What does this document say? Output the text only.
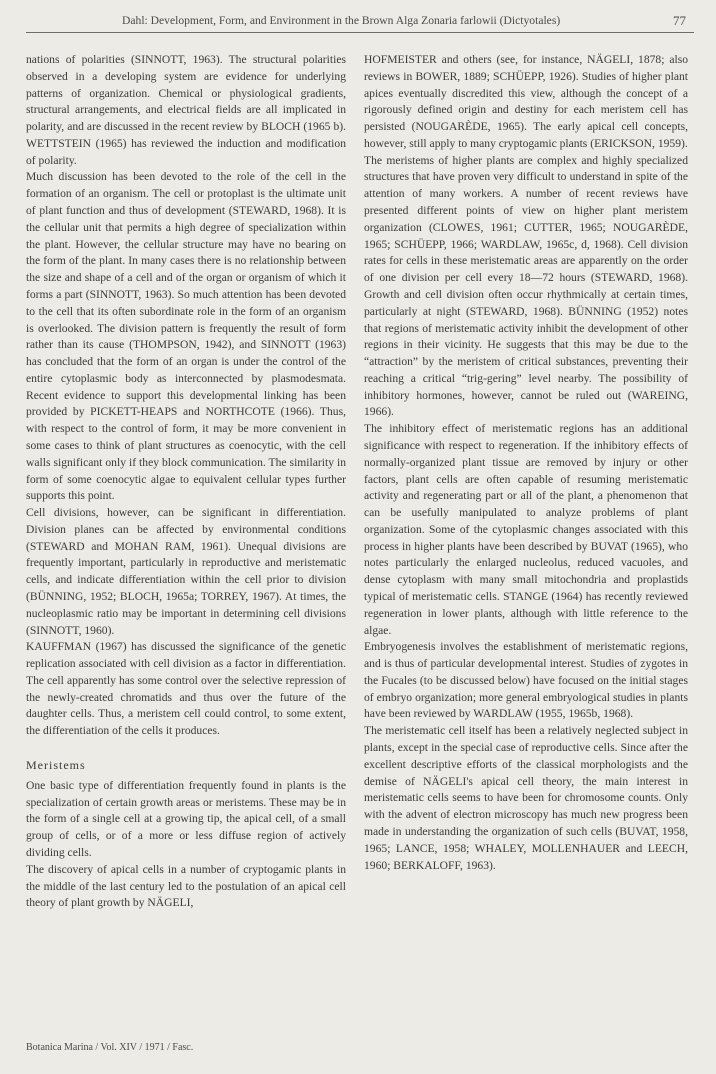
Dahl: Development, Form, and Environment in the Brown Alga Zonaria farlowii (Dictyotales)	77

nations of polarities (SINNOTT, 1963). The structural polarities observed in a developing system are evidence for underlying patterns of organization. Chemical or physiological gradients, structural arrangements, and electrical fields are all implicated in polarity, and are discussed in the recent review by BLOCH (1965 b). WETTSTEIN (1965) has reviewed the induction and modification of polarity.

Much discussion has been devoted to the role of the cell in the formation of an organism. The cell or protoplast is the ultimate unit of plant function and thus of development (STEWARD, 1968). It is the cellular unit that permits a high degree of specialization within the plant. However, the cellular structure may have no bearing on the form of the plant. In many cases there is no relationship between the size and shape of a cell and of the organ or organism of which it forms a part (SINNOTT, 1963). So much attention has been devoted to the cell that its often subordinate role in the form of an organism is overlooked. The division pattern is frequently the result of form rather than its cause (THOMPSON, 1942), and SINNOTT (1963) has concluded that the form of an organ is under the control of the entire cytoplasmic body as interconnected by plasmodesmata. Recent evidence to support this developmental linking has been provided by PICKETT-HEAPS and NORTHCOTE (1966). Thus, with respect to the control of form, it may be more convenient in some cases to think of plant structures as coenocytic, with the cell walls significant only if they block communication. The similarity in form of some coenocytic algae to equivalent cellular types further supports this point.

Cell divisions, however, can be significant in differentiation. Division planes can be affected by environmental conditions (STEWARD and MOHAN RAM, 1961). Unequal divisions are frequently important, particularly in reproductive and meristematic cells, and indicate differentiation within the cell prior to division (BÜNNING, 1952; BLOCH, 1965a; TORREY, 1967). At times, the nucleoplasmic ratio may be important in determining cell divisions (SINNOTT, 1960).

KAUFFMAN (1967) has discussed the significance of the genetic replication associated with cell division as a factor in differentiation. The cell apparently has some control over the selective repression of the newly-created chromatids and thus over the future of the daughter cells. Thus, a meristem cell could control, to some extent, the differentiation of the cells it produces.

Meristems

One basic type of differentiation frequently found in plants is the specialization of certain growth areas or meristems. These may be in the form of a single cell at a growing tip, the apical cell, of a small group of cells, or of a more or less diffuse region of actively dividing cells.

The discovery of apical cells in a number of cryptogamic plants in the middle of the last century led to the postulation of an apical cell theory of plant growth by NÄGELI,

HOFMEISTER and others (see, for instance, NÄGELI, 1878; also reviews in BOWER, 1889; SCHÜEPP, 1926). Studies of higher plant apices eventually discredited this view, although the concept of a rigorously defined origin and destiny for each meristem cell has persisted (NOUGARÈDE, 1965). The early apical cell concepts, however, still apply to many cryptogamic plants (ERICKSON, 1959).

The meristems of higher plants are complex and highly specialized structures that have proven very difficult to understand in spite of the attention of many workers. A number of recent reviews have presented different points of view on higher plant meristem organization (CLOWES, 1961; CUTTER, 1965; NOUGARÈDE, 1965; SCHÜEPP, 1966; WARDLAW, 1965c, d, 1968). Cell division rates for cells in these meristematic areas are apparently on the order of one division per cell every 18—72 hours (STEWARD, 1968). Growth and cell division often occur rhythmically at certain times, particularly at night (STEWARD, 1968). BÜNNING (1952) notes that regions of meristematic activity inhibit the development of other regions in their vicinity. He suggests that this may be due to the “attraction” by the meristem of critical substances, preventing their reaching a critical “trig-gering” level nearby. The possibility of inhibitory hormones, however, cannot be ruled out (WAREING, 1966).

The inhibitory effect of meristematic regions has an additional significance with respect to regeneration. If the inhibitory effects of normally-organized plant tissue are removed by injury or other factors, plant cells are often capable of resuming meristematic activity and regenerating part or all of the plant, a phenomenon that can be usefully manipulated to analyze problems of plant organization. Some of the cytoplasmic changes associated with this process in higher plants have been described by BUVAT (1965), who notes particularly the enlarged nucleolus, reduced vacuoles, and dense cytoplasm with many small mitochondria and proplastids typical of meristematic cells. STANGE (1964) has recently reviewed regeneration in lower plants, although with little reference to the algae.

Embryogenesis involves the establishment of meristematic regions, and is thus of particular developmental interest. Studies of zygotes in the Fucales (to be discussed below) have focused on the initial stages of embryo organization; more general embryological studies in plants have been reviewed by WARDLAW (1955, 1965b, 1968).

The meristematic cell itself has been a relatively neglected subject in plants, except in the special case of reproductive cells. Since after the excellent descriptive efforts of the classical morphologists and the demise of NÄGELI's apical cell theory, the main interest in meristematic cells seems to have been for chromosome counts. Only with the advent of electron microscopy has much new progress been made in understanding the organization of such cells (BUVAT, 1958, 1965; LANCE, 1958; WHALEY, MOLLENHAUER and LEECH, 1960; BERKALOFF, 1963).

Botanica Marina / Vol. XIV / 1971 / Fasc.
